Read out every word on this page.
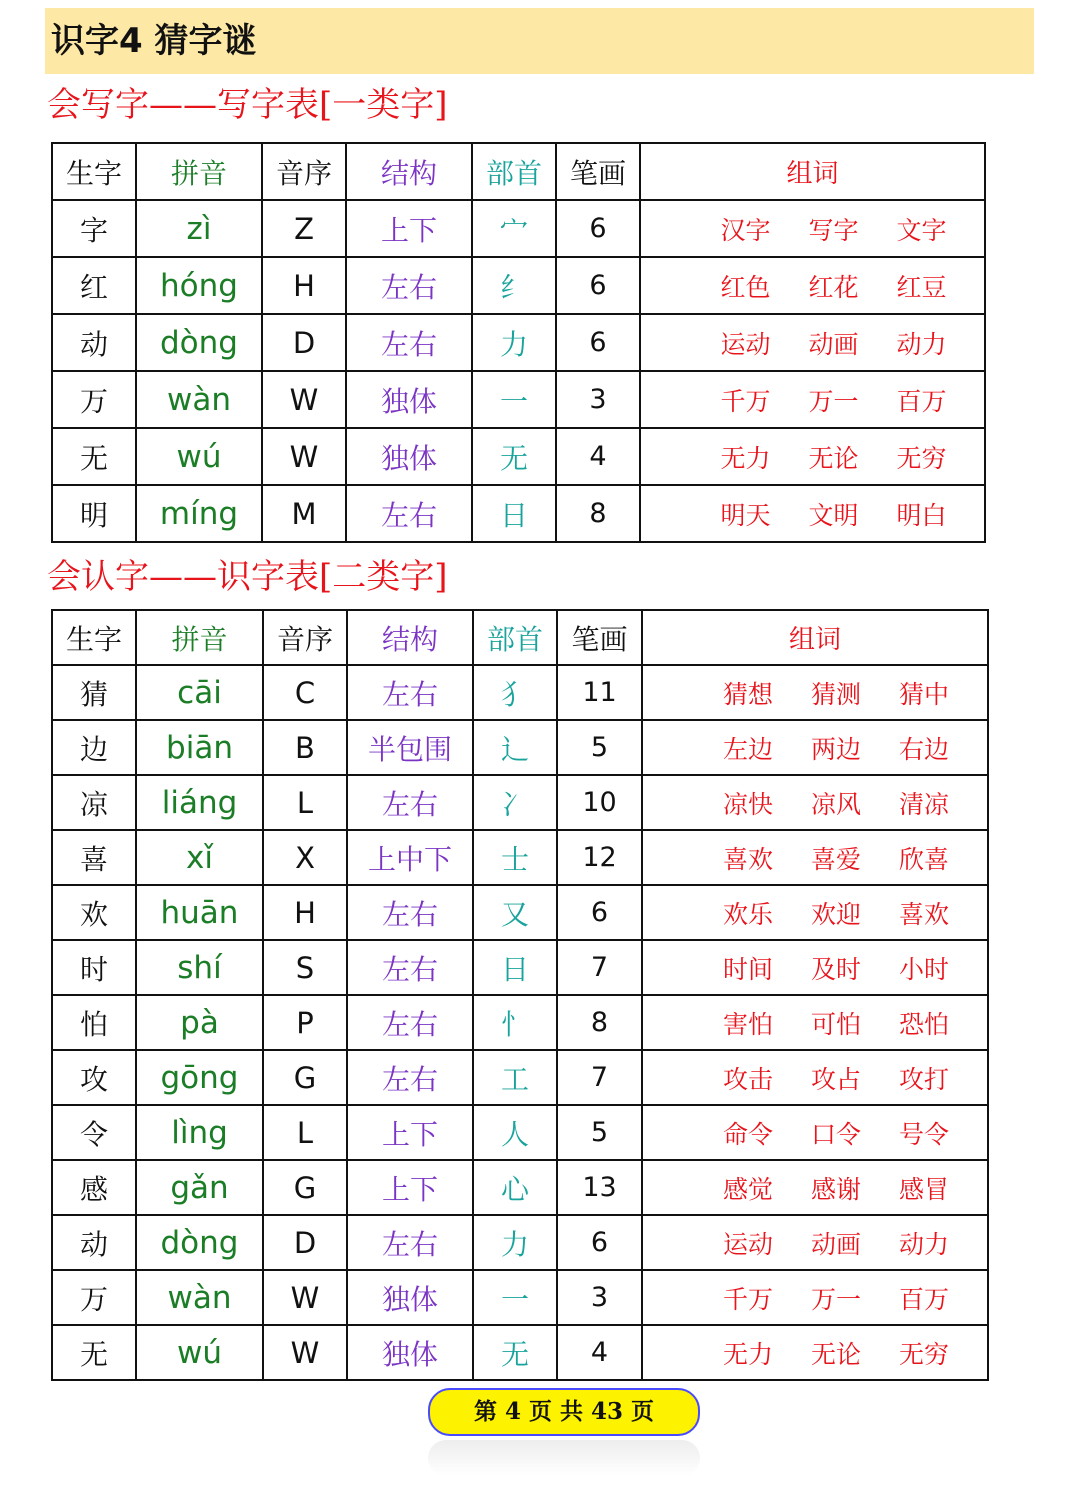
识字4 猜字谜
会写字——写字表[一类字]
生字	拼音	音序	结构	部首	笔画	组词
字	zì	Z	上下	宀	6	汉字 写字 文字
红	hóng	H	左右	纟	6	红色 红花 红豆
动	dòng	D	左右	力	6	运动 动画 动力
万	wàn	W	独体	一	3	千万 万一 百万
无	wú	W	独体	无	4	无力 无论 无穷
明	míng	M	左右	日	8	明天 文明 明白
会认字——识字表[二类字]
生字	拼音	音序	结构	部首	笔画	组词
猜	cāi	C	左右	犭	11	猜想 猜测 猜中
边	biān	B	半包围	辶	5	左边 两边 右边
凉	liáng	L	左右	冫	10	凉快 凉风 清凉
喜	xǐ	X	上中下	士	12	喜欢 喜爱 欣喜
欢	huān	H	左右	又	6	欢乐 欢迎 喜欢
时	shí	S	左右	日	7	时间 及时 小时
怕	pà	P	左右	忄	8	害怕 可怕 恐怕
攻	gōng	G	左右	工	7	攻击 攻占 攻打
令	lìng	L	上下	人	5	命令 口令 号令
感	gǎn	G	上下	心	13	感觉 感谢 感冒
动	dòng	D	左右	力	6	运动 动画 动力
万	wàn	W	独体	一	3	千万 万一 百万
无	wú	W	独体	无	4	无力 无论 无穷
第 4 页 共 43 页
